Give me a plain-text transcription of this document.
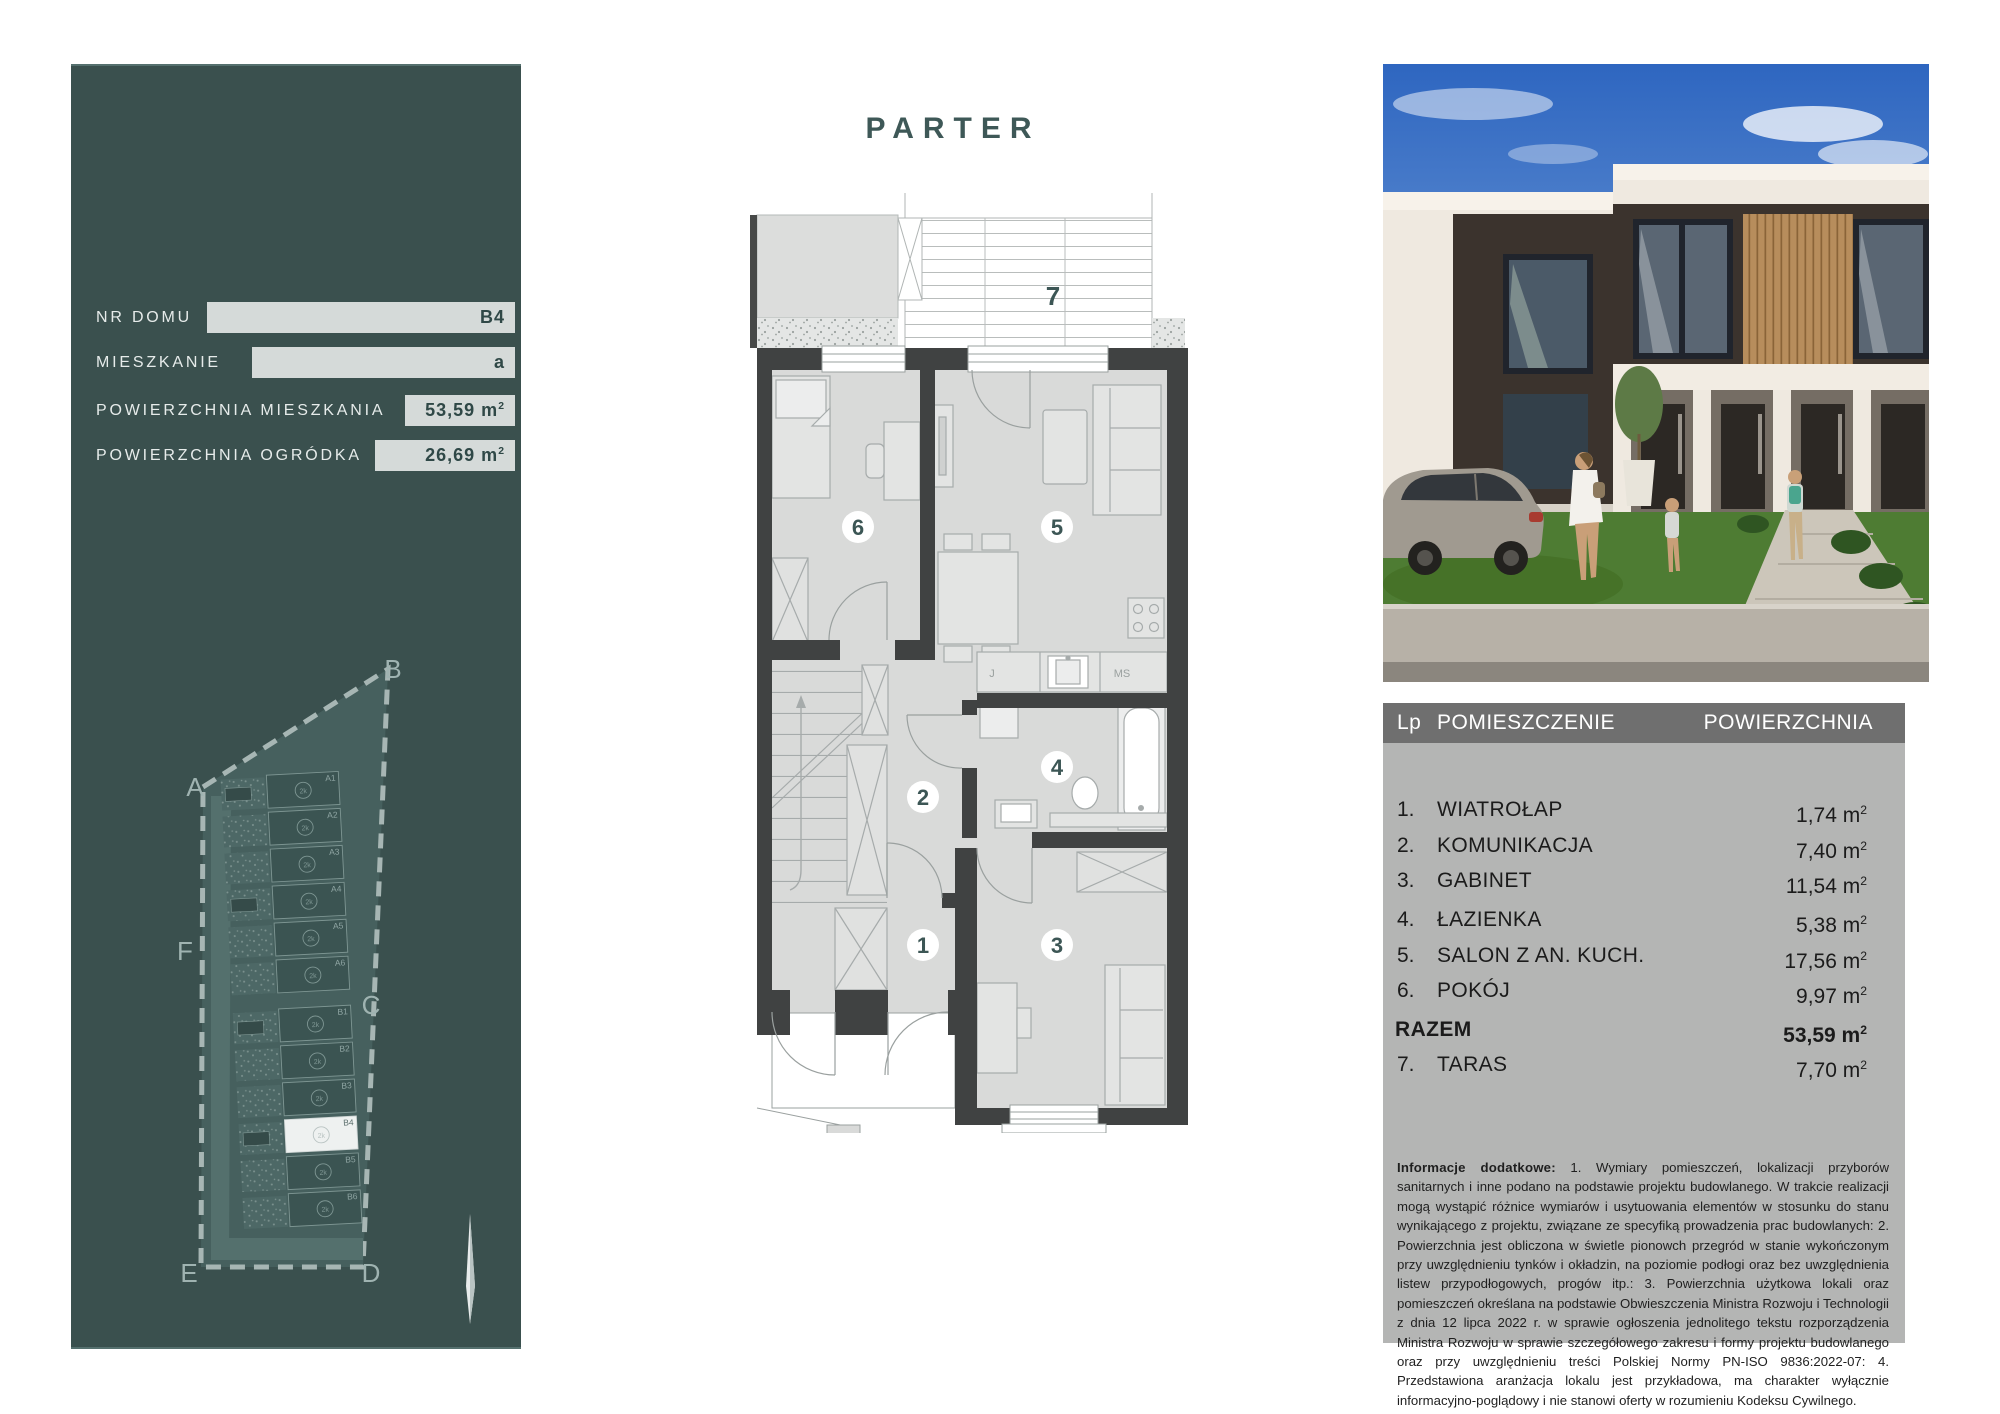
NR DOMU	B4
MIESZKANIE	a
POWIERZCHNIA MIESZKANIA 53,59 $m^2$
POWIERZCHNIA OGRÓDKA	26,69 $m^2$
2k
A1
2k
A2
2k
A3
2k
A4
2k
A5
2k
A6
2k
B1
2k
B2
2k
B3
2k
B4
2k
B5
2k
B6
A
B
C
D
E
F
PARTER
7
J	MS
1
2
3
4
5
6
Lp POMIESZCZENIE	POWIERZCHNIA
1. WIATROŁAP	1,74 $m^2$
2. KOMUNIKACJA	7,40 $m^2$
3. GABINET	11,54 $m^2$
4. ŁAZIENKA	5,38 $m^2$
5. SALON Z AN. KUCH.	17,56 $m^2$
6. POKÓJ	9,97 $m^2$
RAZEM	53,59 $m^2$
7. TARAS	7,70 $m^2$
Informacje dodatkowe: 1. Wymiary pomieszczeń, lokalizacji przyborów sanitarnych i inne podano na podstawie projektu budowlanego. W trakcie realizacji mogą wystąpić różnice wymiarów i usytuowania elementów w stosunku do stanu wynikającego z projektu, związane ze specyfiką prowadzenia prac budowlanych: 2. Powierzchnia jest obliczona w świetle pionowch przegród w stanie wykończonym przy uwzględnieniu tynków i okładzin, na poziomie podłogi oraz bez uwzględnienia listew przypodłogowych, progów itp.: 3. Powierzchnia użytkowa lokali oraz pomieszczeń określana na podstawie Obwieszczenia Ministra Rozwoju i Technologii z dnia 12 lipca 2022 r. w sprawie ogłoszenia jednolitego tekstu rozporządzenia Ministra Rozwoju w sprawie szczegółowego zakresu i formy projektu budowlanego oraz przy uwzględnieniu treści Polskiej Normy PN-ISO 9836:2022-07: 4. Przedstawiona aranżacja lokalu jest przykładowa, ma charakter wyłącznie informacyjno-poglądowy i nie stanowi oferty w rozumieniu Kodeksu Cywilnego.
